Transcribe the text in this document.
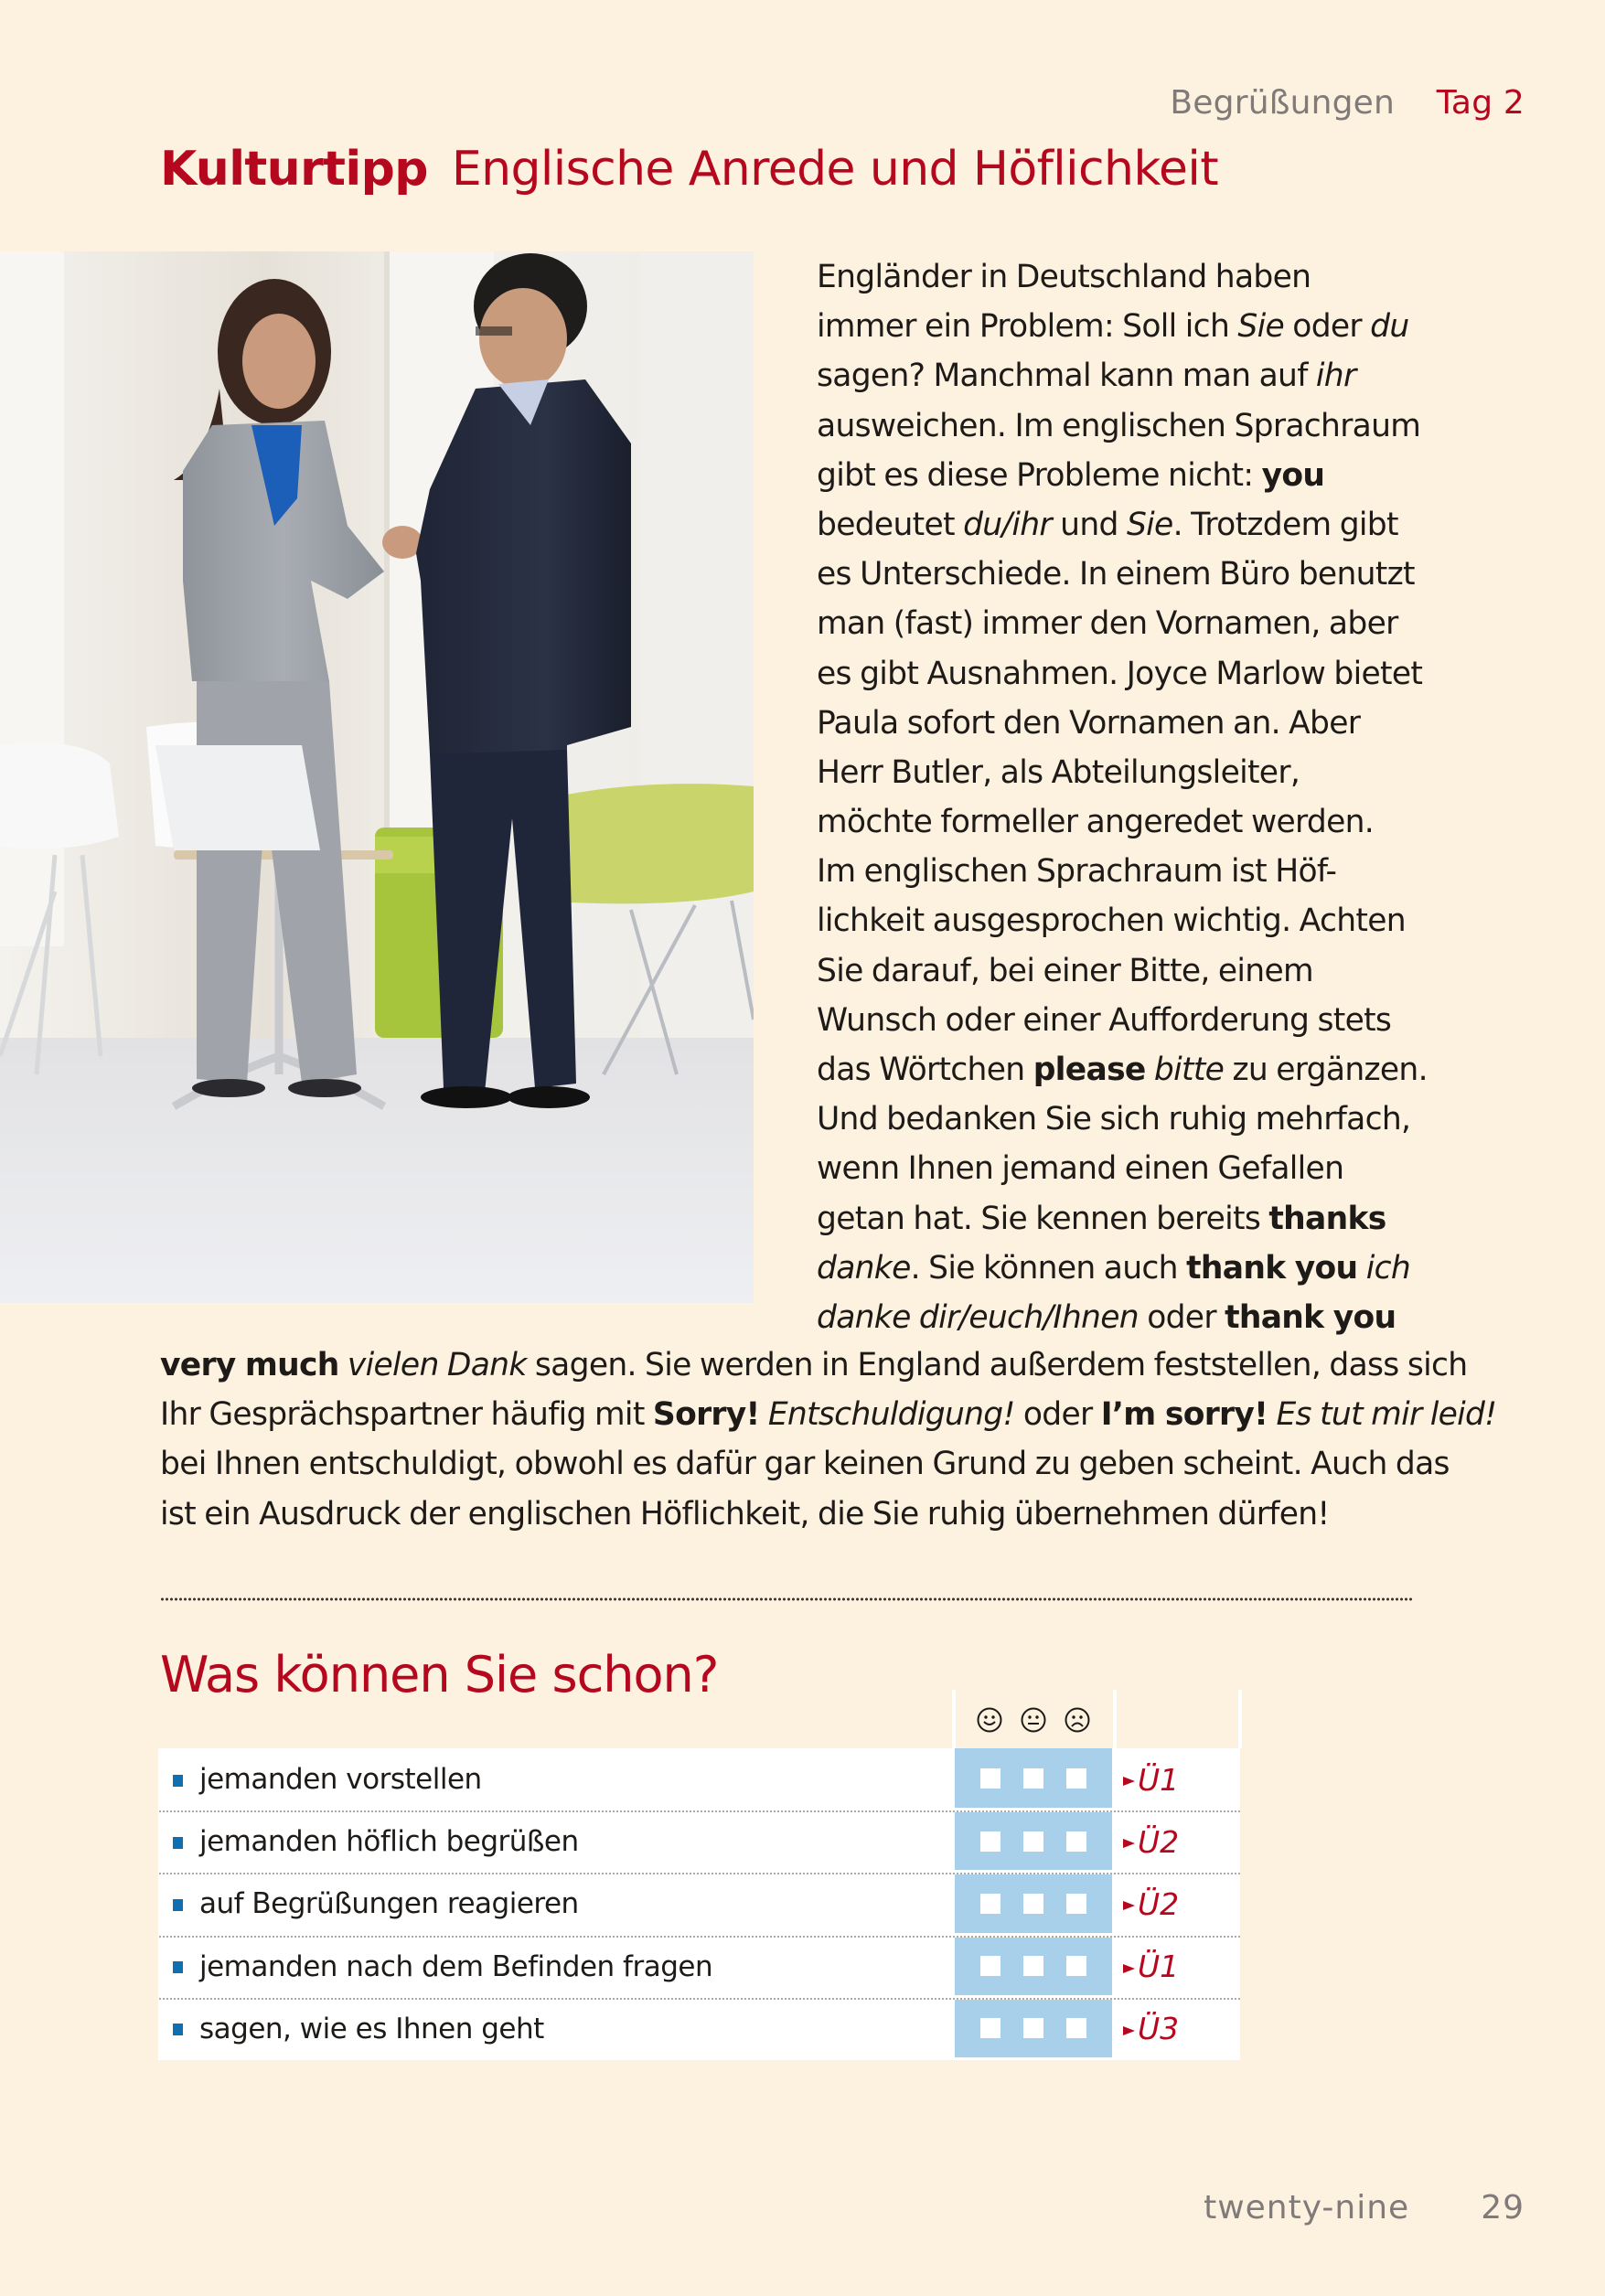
Begrüßungen Tag 2
Kulturtipp Englische Anrede und Höflichkeit
Engländer in Deutschland haben
immer ein Problem: Soll ich Sie oder du
sagen? Manchmal kann man auf ihr
ausweichen. Im englischen Sprachraum
gibt es diese Probleme nicht: you
bedeutet du/ihr und Sie. Trotzdem gibt
es Unterschiede. In einem Büro benutzt
man (fast) immer den Vornamen, aber
es gibt Ausnahmen. Joyce Marlow bietet
Paula sofort den Vornamen an. Aber
Herr Butler, als Abteilungsleiter,
möchte formeller angeredet werden.
Im englischen Sprachraum ist Höf-
lichkeit ausgesprochen wichtig. Achten
Sie darauf, bei einer Bitte, einem
Wunsch oder einer Aufforderung stets
das Wörtchen please bitte zu ergänzen.
Und bedanken Sie sich ruhig mehrfach,
wenn Ihnen jemand einen Gefallen
getan hat. Sie kennen bereits thanks
danke. Sie können auch thank you ich
danke dir/euch/Ihnen oder thank you
very much vielen Dank sagen. Sie werden in England außerdem feststellen, dass sich
Ihr Gesprächspartner häufig mit Sorry! Entschuldigung! oder I’m sorry! Es tut mir leid!
bei Ihnen entschuldigt, obwohl es dafür gar keinen Grund zu geben scheint. Auch das
ist ein Ausdruck der englischen Höflichkeit, die Sie ruhig übernehmen dürfen!
Was können Sie schon?
jemanden vorstellen	Ü1
jemanden höflich begrüßen	Ü2
auf Begrüßungen reagieren	Ü2
jemanden nach dem Befinden fragen	Ü1
sagen, wie es Ihnen geht	Ü3
twenty-nine 29
